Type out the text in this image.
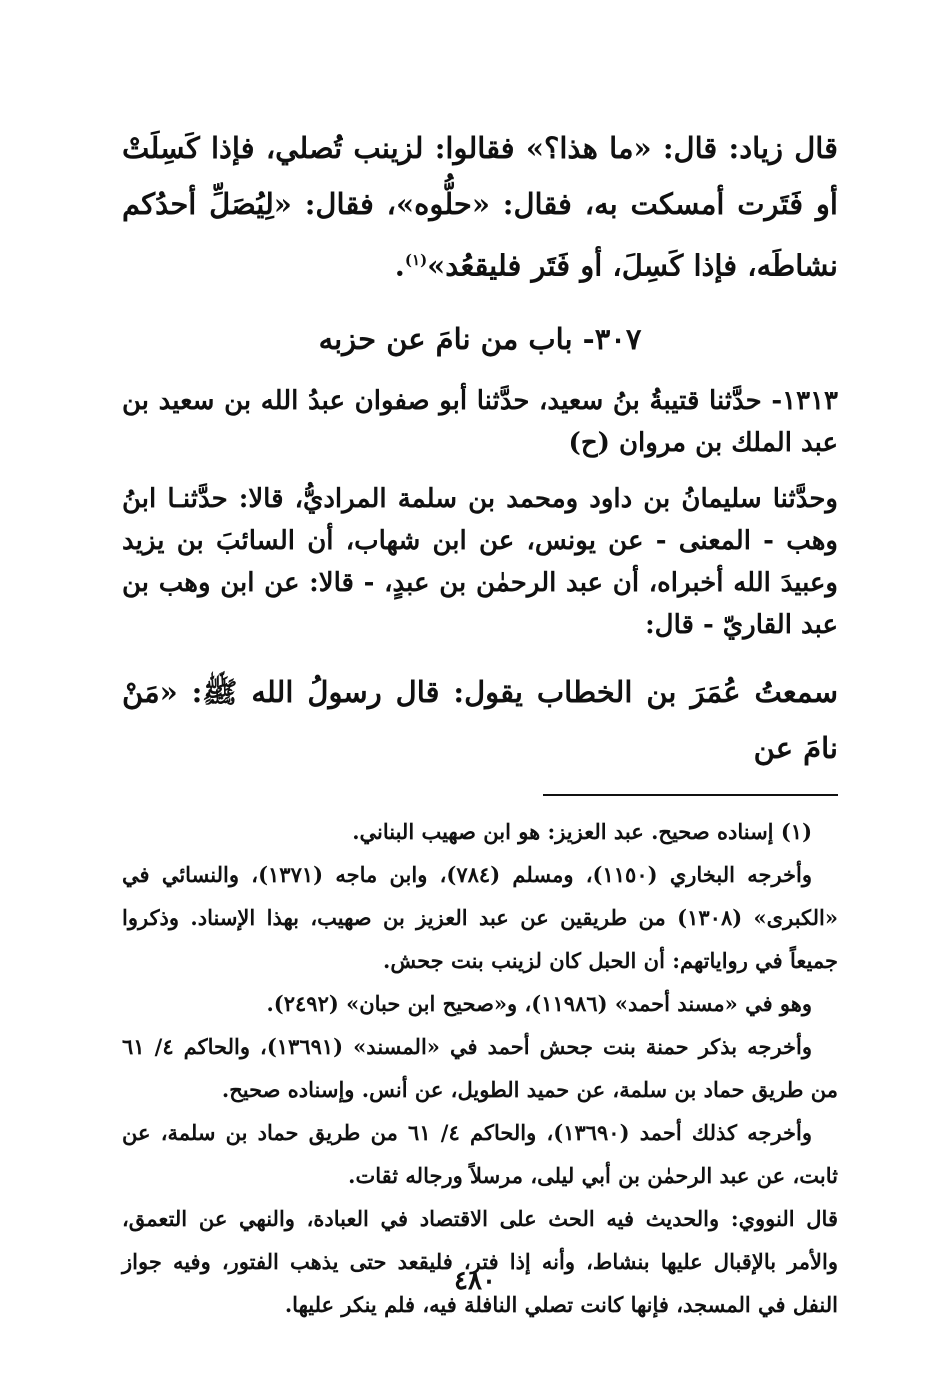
قال زياد: قال: «ما هذا؟» فقالوا: لزينب تُصلي، فإذا كَسِلَتْ أو فَتَرت أمسكت به، فقال: «حلُّوه»، فقال: «لِيُصَلِّ أحدُكم نشاطَه، فإذا كَسِلَ، أو فَتَر فليقعُد»$^{(١)}$.

٣٠٧- باب من نامَ عن حزبه

١٣١٣- حدَّثنا قتيبةُ بنُ سعيد، حدَّثنا أبو صفوان عبدُ الله بن سعيد بن عبد الملك بن مروان (ح)

وحدَّثنا سليمانُ بن داود ومحمد بن سلمة المراديُّ، قالا: حدَّثنـا ابنُ وهب - المعنى - عن يونس، عن ابن شهاب، أن السائبَ بن يزيد وعبيدَ الله أخبراه، أن عبد الرحمٰن بن عبدٍ، - قالا: عن ابن وهب بن عبد القاريّ - قال:

سمعتُ عُمَرَ بن الخطاب يقول: قال رسولُ الله ﷺ: «مَنْ نامَ عن

(١) إسناده صحيح. عبد العزيز: هو ابن صهيب البناني.

وأخرجه البخاري (١١٥٠)، ومسلم (٧٨٤)، وابن ماجه (١٣٧١)، والنسائي في «الكبرى» (١٣٠٨) من طريقين عن عبد العزيز بن صهيب، بهذا الإسناد. وذكروا جميعاً في رواياتهم: أن الحبل كان لزينب بنت جحش.

وهو في «مسند أحمد» (١١٩٨٦)، و«صحيح ابن حبان» (٢٤٩٢).

وأخرجه بذكر حمنة بنت جحش أحمد في «المسند» (١٣٦٩١)، والحاكم ٤/ ٦١ من طريق حماد بن سلمة، عن حميد الطويل، عن أنس. وإسناده صحيح.

وأخرجه كذلك أحمد (١٣٦٩٠)، والحاكم ٤/ ٦١ من طريق حماد بن سلمة، عن ثابت، عن عبد الرحمٰن بن أبي ليلى، مرسلاً ورجاله ثقات.

قال النووي: والحديث فيه الحث على الاقتصاد في العبادة، والنهي عن التعمق، والأمر بالإقبال عليها بنشاط، وأنه إذا فتر، فليقعد حتى يذهب الفتور، وفيه جواز النفل في المسجد، فإنها كانت تصلي النافلة فيه، فلم ينكر عليها.

٤٨٠
